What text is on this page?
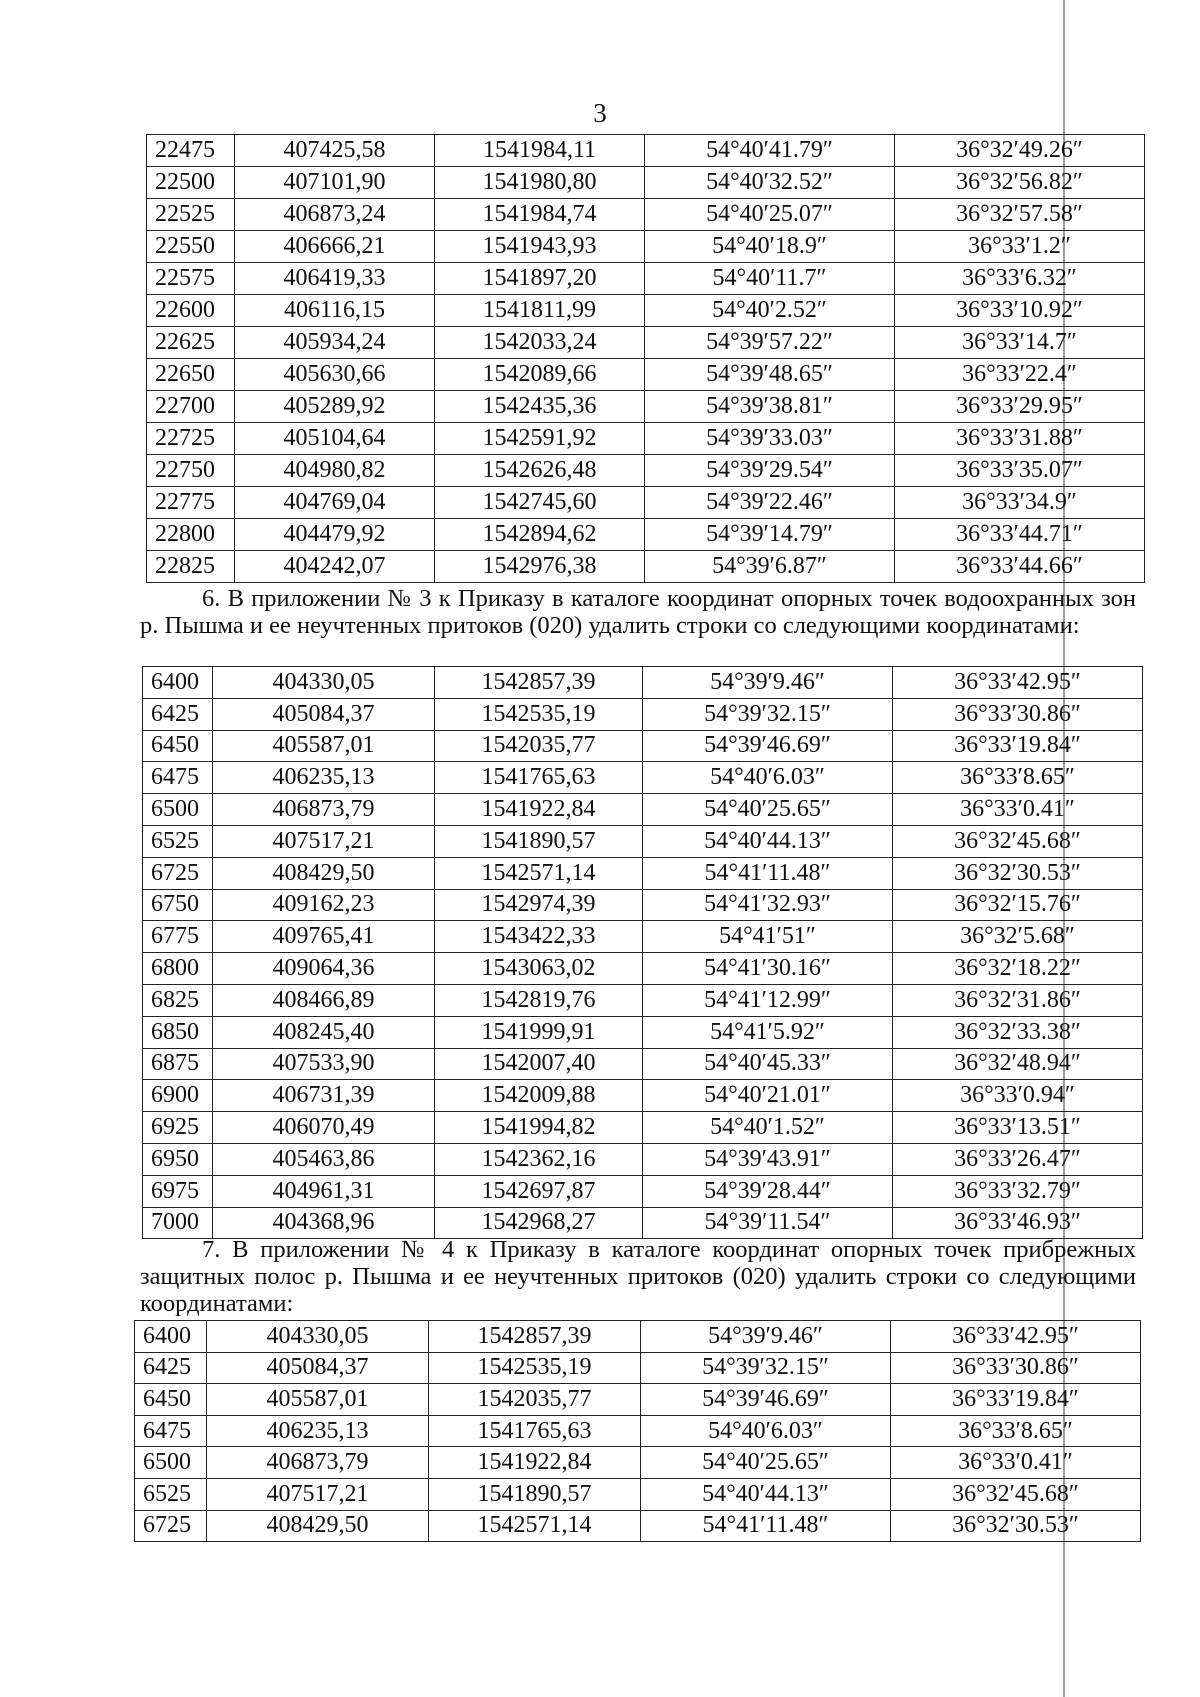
3
22475	407425,58	1541984,11	54°40′41.79″	36°32′49.26″
22500	407101,90	1541980,80	54°40′32.52″	36°32′56.82″
22525	406873,24	1541984,74	54°40′25.07″	36°32′57.58″
22550	406666,21	1541943,93	54°40′18.9″	36°33′1.2″
22575	406419,33	1541897,20	54°40′11.7″	36°33′6.32″
22600	406116,15	1541811,99	54°40′2.52″	36°33′10.92″
22625	405934,24	1542033,24	54°39′57.22″	36°33′14.7″
22650	405630,66	1542089,66	54°39′48.65″	36°33′22.4″
22700	405289,92	1542435,36	54°39′38.81″	36°33′29.95″
22725	405104,64	1542591,92	54°39′33.03″	36°33′31.88″
22750	404980,82	1542626,48	54°39′29.54″	36°33′35.07″
22775	404769,04	1542745,60	54°39′22.46″	36°33′34.9″
22800	404479,92	1542894,62	54°39′14.79″	36°33′44.71″
22825	404242,07	1542976,38	54°39′6.87″	36°33′44.66″
6. В приложении № 3 к Приказу в каталоге координат опорных точек водоохранных зон р. Пышма и ее неучтенных притоков (020) удалить строки со следующими координатами:
6400	404330,05	1542857,39	54°39′9.46″	36°33′42.95″
6425	405084,37	1542535,19	54°39′32.15″	36°33′30.86″
6450	405587,01	1542035,77	54°39′46.69″	36°33′19.84″
6475	406235,13	1541765,63	54°40′6.03″	36°33′8.65″
6500	406873,79	1541922,84	54°40′25.65″	36°33′0.41″
6525	407517,21	1541890,57	54°40′44.13″	36°32′45.68″
6725	408429,50	1542571,14	54°41′11.48″	36°32′30.53″
6750	409162,23	1542974,39	54°41′32.93″	36°32′15.76″
6775	409765,41	1543422,33	54°41′51″	36°32′5.68″
6800	409064,36	1543063,02	54°41′30.16″	36°32′18.22″
6825	408466,89	1542819,76	54°41′12.99″	36°32′31.86″
6850	408245,40	1541999,91	54°41′5.92″	36°32′33.38″
6875	407533,90	1542007,40	54°40′45.33″	36°32′48.94″
6900	406731,39	1542009,88	54°40′21.01″	36°33′0.94″
6925	406070,49	1541994,82	54°40′1.52″	36°33′13.51″
6950	405463,86	1542362,16	54°39′43.91″	36°33′26.47″
6975	404961,31	1542697,87	54°39′28.44″	36°33′32.79″
7000	404368,96	1542968,27	54°39′11.54″	36°33′46.93″
7. В приложении № 4 к Приказу в каталоге координат опорных точек прибрежных защитных полос р. Пышма и ее неучтенных притоков (020) удалить строки со следующими координатами:
6400	404330,05	1542857,39	54°39′9.46″	36°33′42.95″
6425	405084,37	1542535,19	54°39′32.15″	36°33′30.86″
6450	405587,01	1542035,77	54°39′46.69″	36°33′19.84″
6475	406235,13	1541765,63	54°40′6.03″	36°33′8.65″
6500	406873,79	1541922,84	54°40′25.65″	36°33′0.41″
6525	407517,21	1541890,57	54°40′44.13″	36°32′45.68″
6725	408429,50	1542571,14	54°41′11.48″	36°32′30.53″
